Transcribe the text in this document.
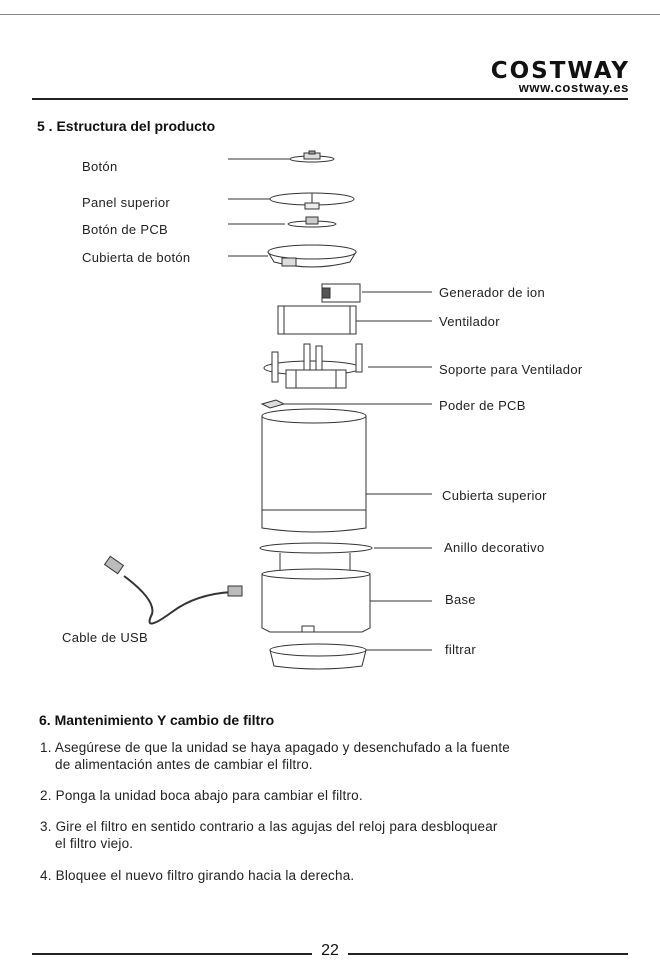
COSTWAY
www.costway.es
5 . Estructura del producto
Botón
Panel superior
Botón de PCB
Cubierta de botón
Generador de ion
Ventilador
Soporte para Ventilador
Poder de PCB
Cubierta superior
Anillo decorativo
Base
filtrar
Cable de USB
6. Mantenimiento Y cambio de filtro
1. Asegúrese de que la unidad se haya apagado y desenchufado a la fuente
de alimentación antes de cambiar el filtro.
2. Ponga la unidad boca abajo para cambiar el filtro.
3. Gire el filtro en sentido contrario a las agujas del reloj para desbloquear
el filtro viejo.
4. Bloquee el nuevo filtro girando hacia la derecha.
22
